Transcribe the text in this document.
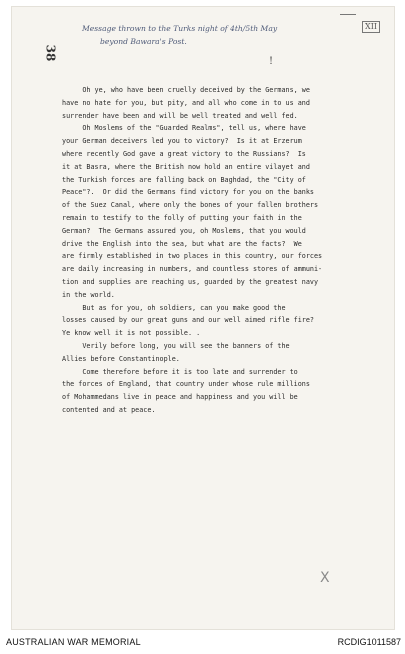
XII
Message thrown to the Turks night of 4th/5th May
beyond Bawara's Post.
38
!
Oh ye, who have been cruelly deceived by the Germans, we
have no hate for you, but pity, and all who come in to us and
surrender have been and will be well treated and well fed.
Oh Moslems of the "Guarded Realms", tell us, where have
your German deceivers led you to victory?  Is it at Erzerum
where recently God gave a great victory to the Russians?  Is
it at Basra, where the British now hold an entire vilayet and
the Turkish forces are falling back on Baghdad, the "City of
Peace"?.  Or did the Germans find victory for you on the banks
of the Suez Canal, where only the bones of your fallen brothers
remain to testify to the folly of putting your faith in the
German?  The Germans assured you, oh Moslems, that you would
drive the English into the sea, but what are the facts?  We
are firmly established in two places in this country, our forces
are daily increasing in numbers, and countless stores of ammuni-
tion and supplies are reaching us, guarded by the greatest navy
in the world.
But as for you, oh soldiers, can you make good the
losses caused by our great guns and our well aimed rifle fire?
Ye know well it is not possible. .
Verily before long, you will see the banners of the
Allies before Constantinople.
Come therefore before it is too late and surrender to
the forces of England, that country under whose rule millions
of Mohammedans live in peace and happiness and you will be
contented and at peace.
X
AUSTRALIAN WAR MEMORIAL	RCDIG1011587
